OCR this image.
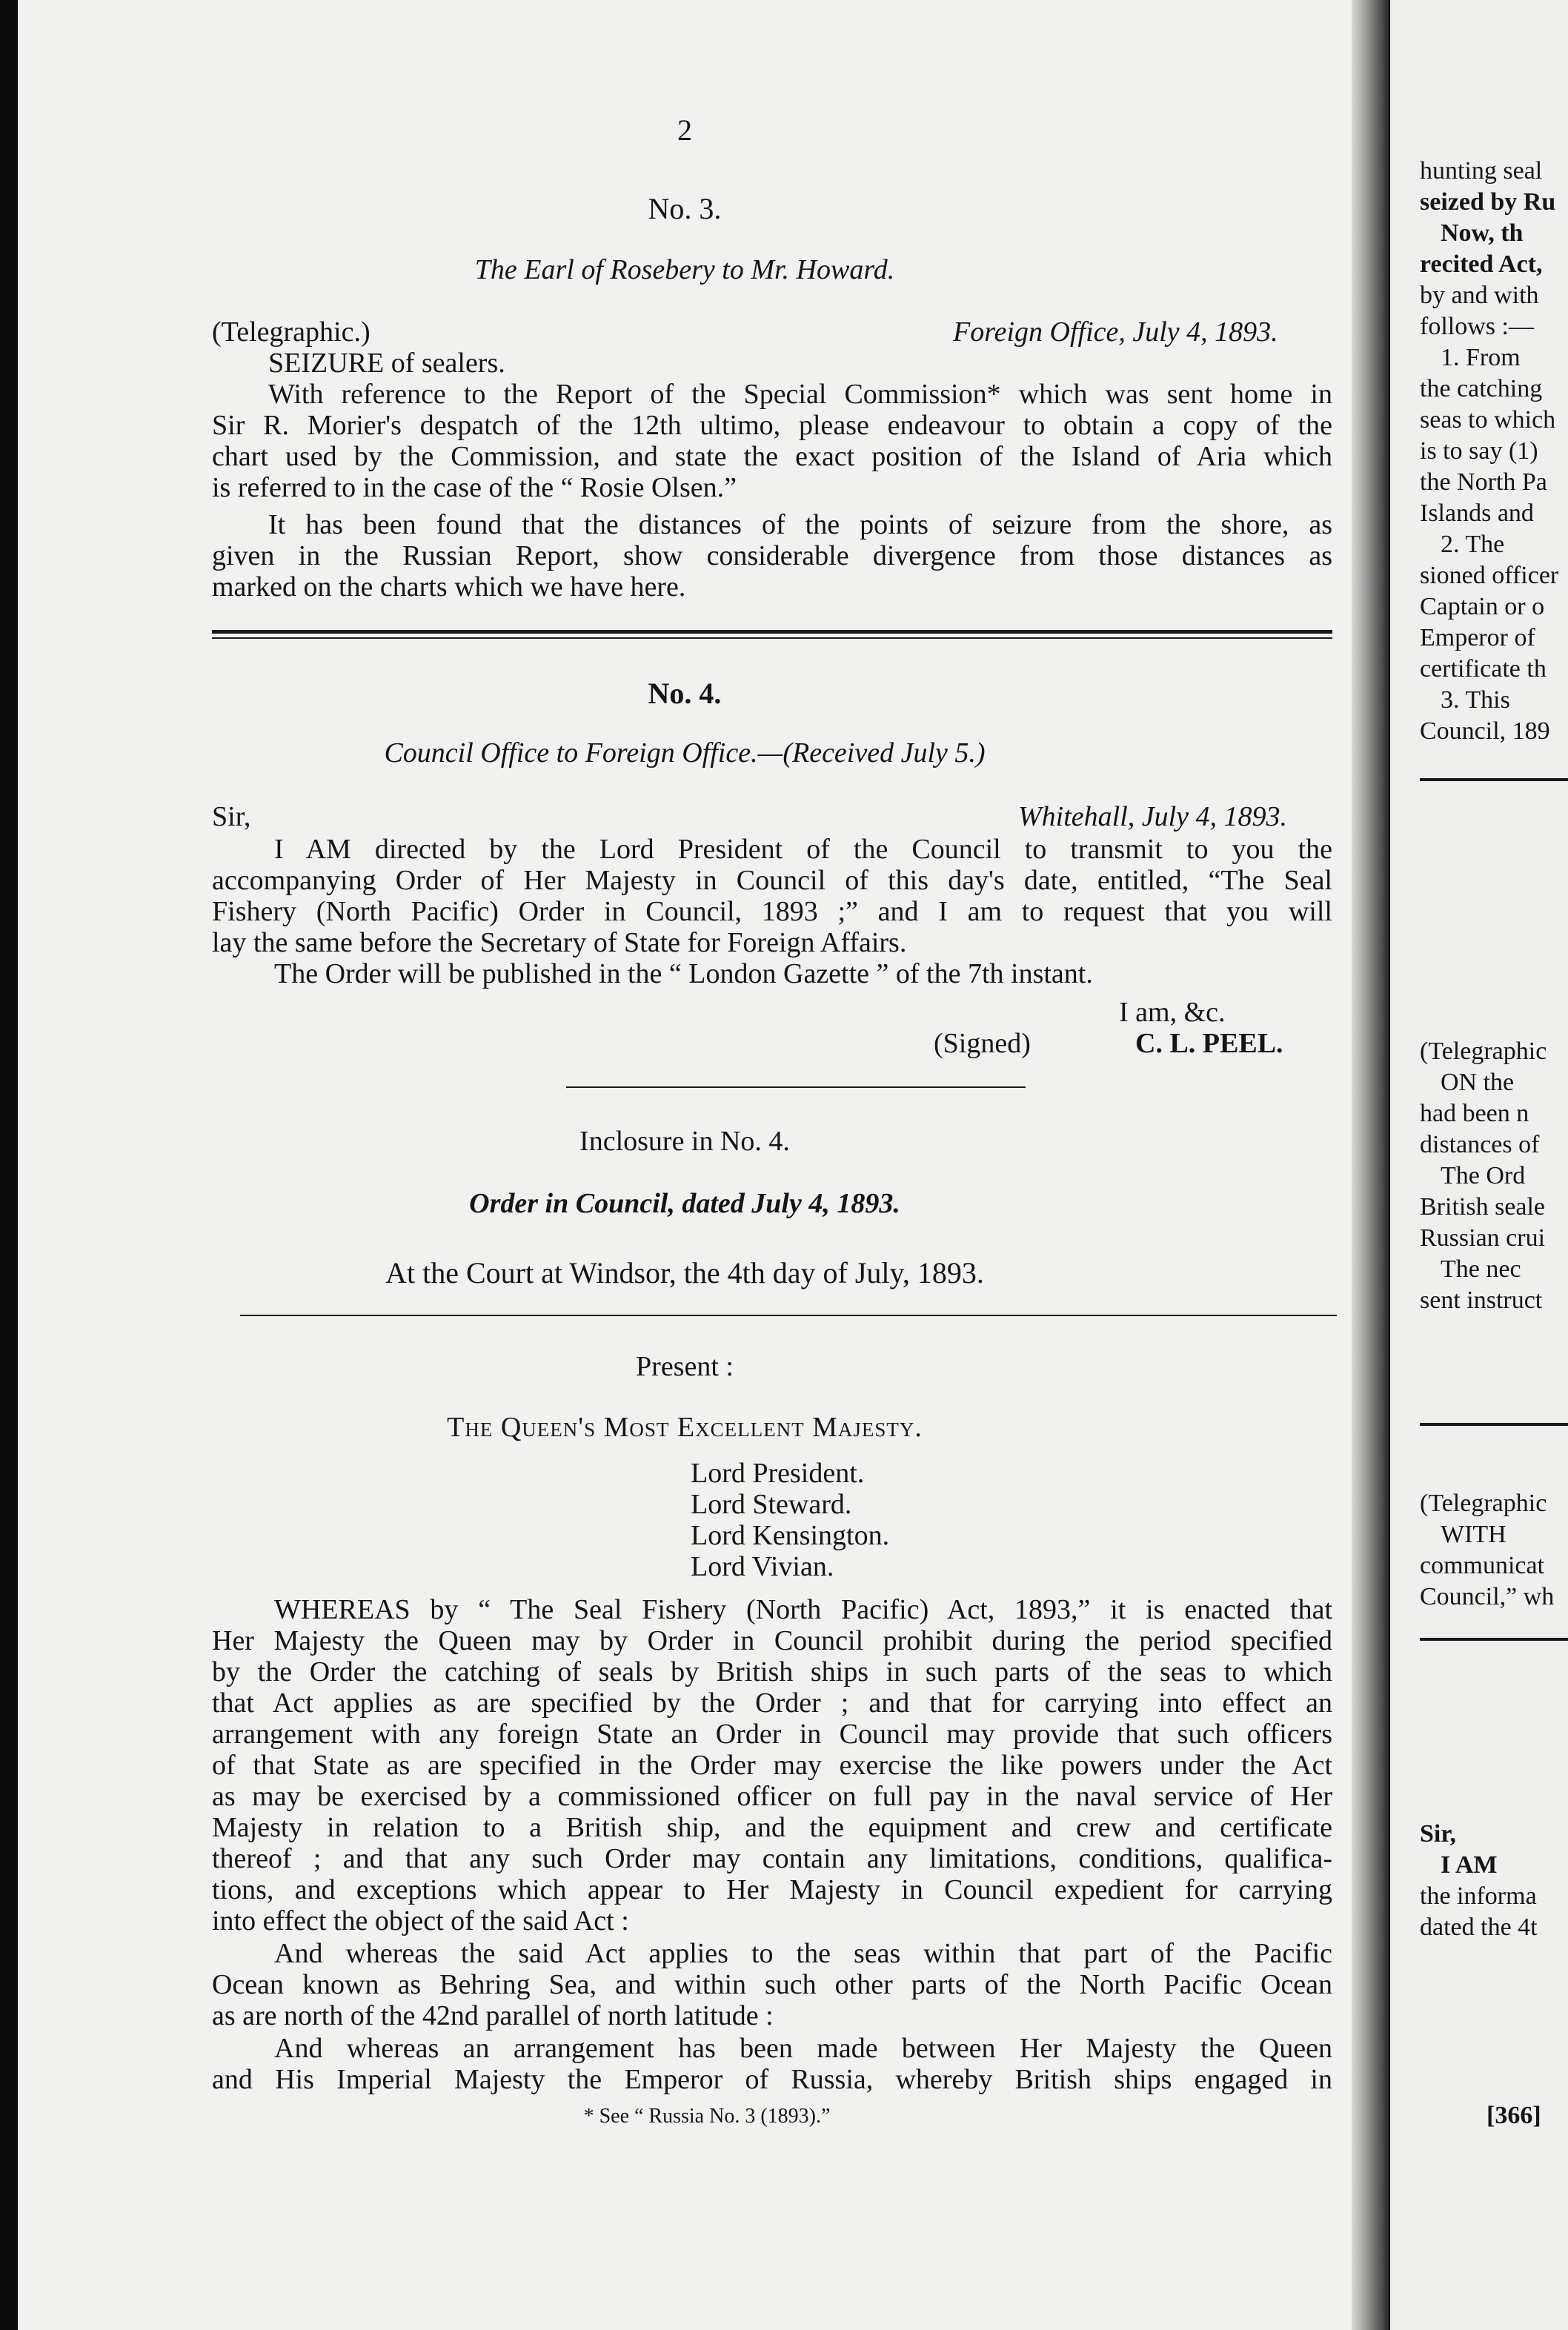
2
No. 3.
The Earl of Rosebery to Mr. Howard.
(Telegraphic.)	Foreign Office, July 4, 1893.
SEIZURE of sealers.
With reference to the Report of the Special Commission* which was sent home in
Sir R. Morier's despatch of the 12th ultimo, please endeavour to obtain a copy of the
chart used by the Commission, and state the exact position of the Island of Aria which
is referred to in the case of the “ Rosie Olsen.”
It has been found that the distances of the points of seizure from the shore, as
given in the Russian Report, show considerable divergence from those distances as
marked on the charts which we have here.
No. 4.
Council Office to Foreign Office.—(Received July 5.)
Sir,	Whitehall, July 4, 1893.
I AM directed by the Lord President of the Council to transmit to you the
accompanying Order of Her Majesty in Council of this day's date, entitled, “The Seal
Fishery (North Pacific) Order in Council, 1893 ;” and I am to request that you will
lay the same before the Secretary of State for Foreign Affairs.
The Order will be published in the “ London Gazette ” of the 7th instant.
I am, &c.
(Signed)	C. L. PEEL.
Inclosure in No. 4.
Order in Council, dated July 4, 1893.
At the Court at Windsor, the 4th day of July, 1893.
Present :
The Queen's Most Excellent Majesty.
Lord President.
Lord Steward.
Lord Kensington.
Lord Vivian.
WHEREAS by “ The Seal Fishery (North Pacific) Act, 1893,” it is enacted that
Her Majesty the Queen may by Order in Council prohibit during the period specified
by the Order the catching of seals by British ships in such parts of the seas to which
that Act applies as are specified by the Order ; and that for carrying into effect an
arrangement with any foreign State an Order in Council may provide that such officers
of that State as are specified in the Order may exercise the like powers under the Act
as may be exercised by a commissioned officer on full pay in the naval service of Her
Majesty in relation to a British ship, and the equipment and crew and certificate
thereof ; and that any such Order may contain any limitations, conditions, qualifica-
tions, and exceptions which appear to Her Majesty in Council expedient for carrying
into effect the object of the said Act :
And whereas the said Act applies to the seas within that part of the Pacific
Ocean known as Behring Sea, and within such other parts of the North Pacific Ocean
as are north of the 42nd parallel of north latitude :
And whereas an arrangement has been made between Her Majesty the Queen
and His Imperial Majesty the Emperor of Russia, whereby British ships engaged in
* See “ Russia No. 3 (1893).”
hunting seal
seized by Ru
Now, th
recited Act,
by and with
follows :—
1. From
the catching
seas to which
is to say (1)
the North Pa
Islands and
2. The
sioned officer
Captain or o
Emperor of
certificate th
3. This
Council, 189
(Telegraphic
ON the
had been n
distances of
The Ord
British seale
Russian crui
The nec
sent instruct
(Telegraphic
WITH
communicat
Council,” wh
Sir,
I AM
the informa
dated the 4t
[366]
